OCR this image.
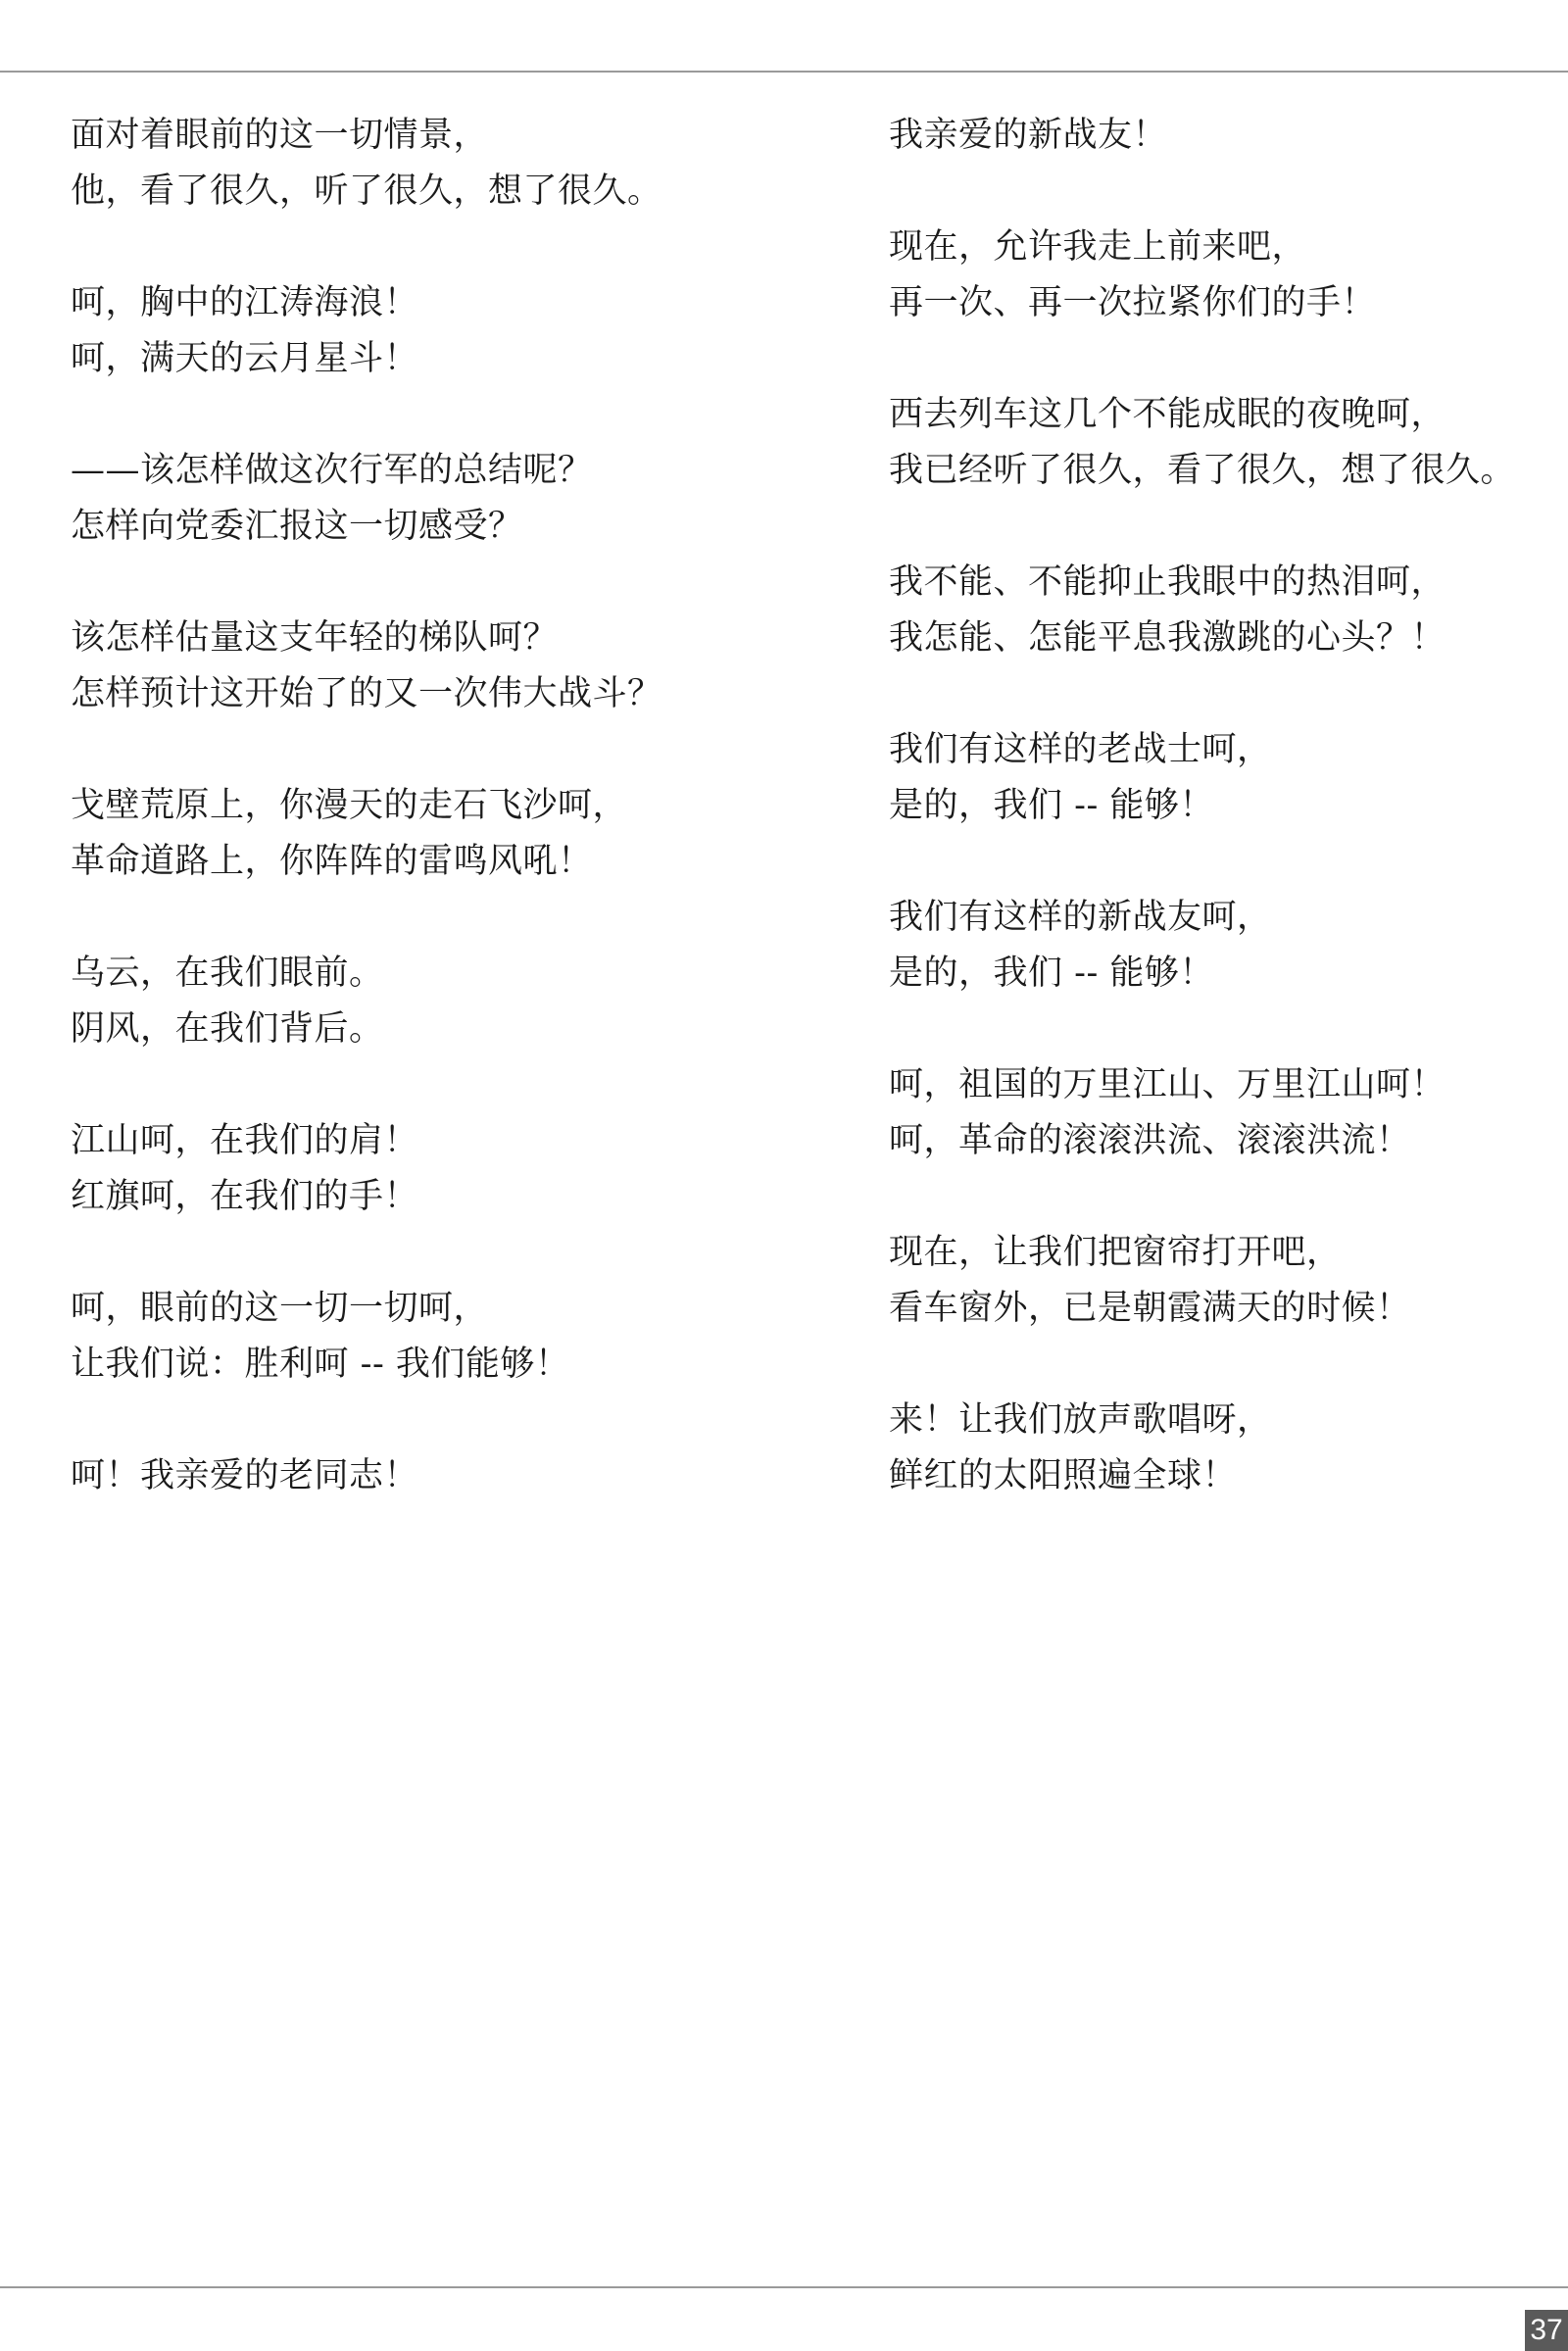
面对着眼前的这一切情景，
他，看了很久，听了很久，想了很久。
呵，胸中的江涛海浪！
呵，满天的云月星斗！
——该怎样做这次行军的总结呢？
怎样向党委汇报这一切感受？
该怎样估量这支年轻的梯队呵？
怎样预计这开始了的又一次伟大战斗？
戈壁荒原上，你漫天的走石飞沙呵，
革命道路上，你阵阵的雷鸣风吼！
乌云，在我们眼前。
阴风，在我们背后。
江山呵，在我们的肩！
红旗呵，在我们的手！
呵，眼前的这一切一切呵，
让我们说：胜利呵 -- 我们能够！
呵！我亲爱的老同志！
我亲爱的新战友！
现在，允许我走上前来吧，
再一次、再一次拉紧你们的手！
西去列车这几个不能成眠的夜晚呵，
我已经听了很久，看了很久，想了很久。
我不能、不能抑止我眼中的热泪呵，
我怎能、怎能平息我激跳的心头？！
我们有这样的老战士呵，
是的，我们 -- 能够！
我们有这样的新战友呵，
是的，我们 -- 能够！
呵，祖国的万里江山、万里江山呵！
呵，革命的滚滚洪流、滚滚洪流！
现在，让我们把窗帘打开吧，
看车窗外，已是朝霞满天的时候！
来！让我们放声歌唱呀，
鲜红的太阳照遍全球！
37
